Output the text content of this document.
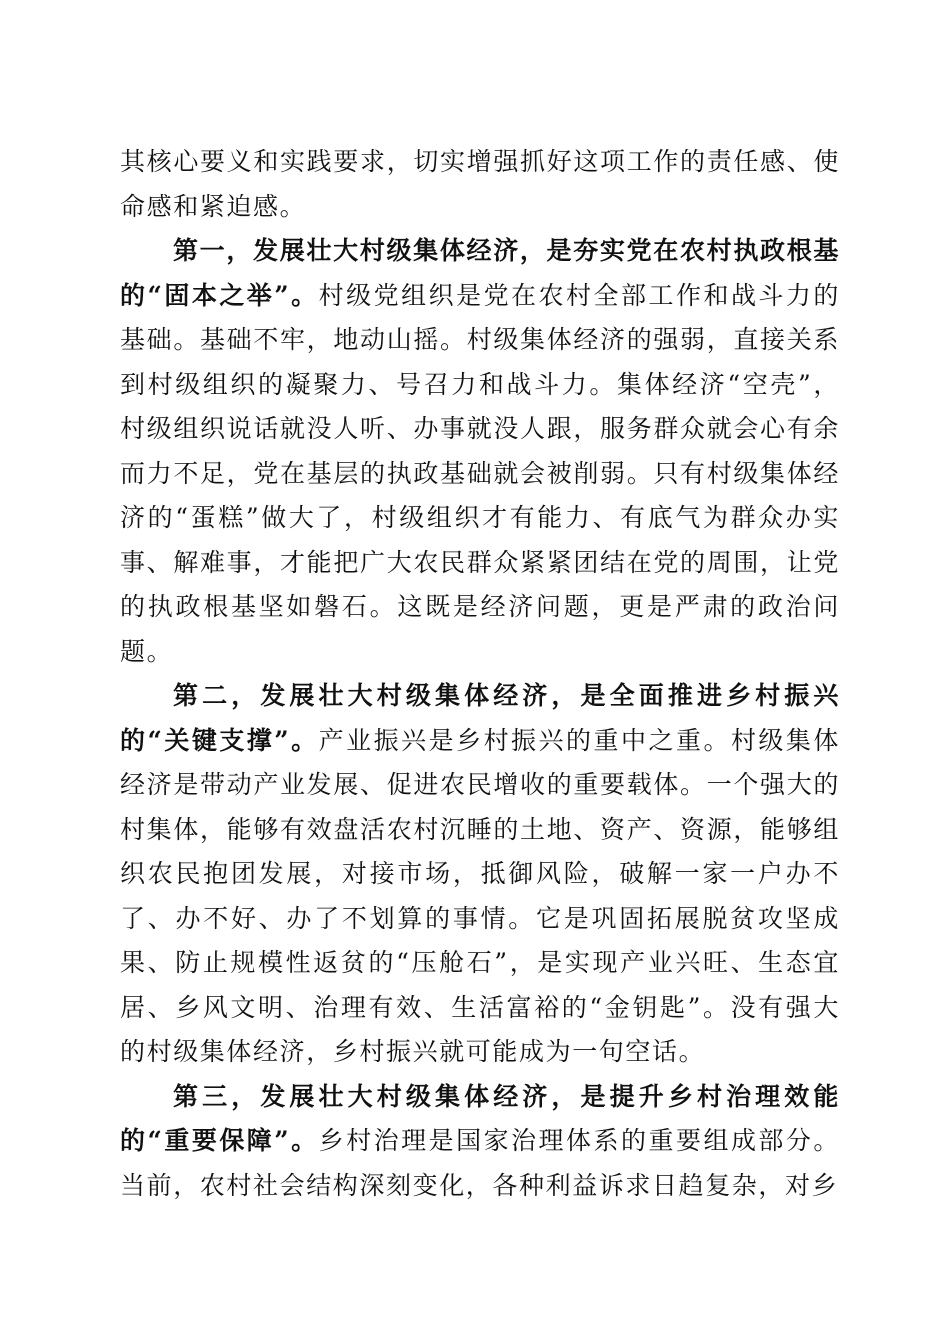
其核心要义和实践要求，切实增强抓好这项工作的责任感、使命感和紧迫感。

第一，发展壮大村级集体经济，是夯实党在农村执政根基的“固本之举”。村级党组织是党在农村全部工作和战斗力的基础。基础不牢，地动山摇。村级集体经济的强弱，直接关系到村级组织的凝聚力、号召力和战斗力。集体经济“空壳”，村级组织说话就没人听、办事就没人跟，服务群众就会心有余而力不足，党在基层的执政基础就会被削弱。只有村级集体经济的“蛋糕”做大了，村级组织才有能力、有底气为群众办实事、解难事，才能把广大农民群众紧紧团结在党的周围，让党的执政根基坚如磐石。这既是经济问题，更是严肃的政治问题。

第二，发展壮大村级集体经济，是全面推进乡村振兴的“关键支撑”。产业振兴是乡村振兴的重中之重。村级集体经济是带动产业发展、促进农民增收的重要载体。一个强大的村集体，能够有效盘活农村沉睡的土地、资产、资源，能够组织农民抱团发展，对接市场，抵御风险，破解一家一户办不了、办不好、办了不划算的事情。它是巩固拓展脱贫攻坚成果、防止规模性返贫的“压舱石”，是实现产业兴旺、生态宜居、乡风文明、治理有效、生活富裕的“金钥匙”。没有强大的村级集体经济，乡村振兴就可能成为一句空话。

第三，发展壮大村级集体经济，是提升乡村治理效能的“重要保障”。乡村治理是国家治理体系的重要组成部分。当前，农村社会结构深刻变化，各种利益诉求日趋复杂，对乡
